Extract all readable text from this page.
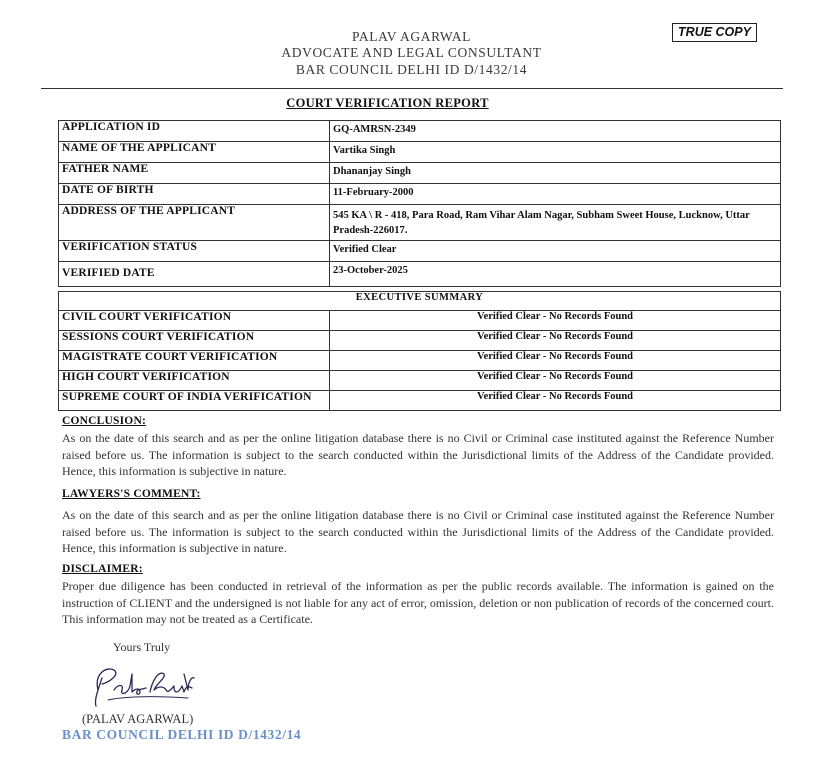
PALAV AGARWAL
ADVOCATE AND LEGAL CONSULTANT
BAR COUNCIL DELHI ID D/1432/14
TRUE COPY
COURT VERIFICATION REPORT
APPLICATION ID	GQ-AMRSN-2349
NAME OF THE APPLICANT	Vartika Singh
FATHER NAME	Dhananjay Singh
DATE OF BIRTH	11-February-2000
ADDRESS OF THE APPLICANT	545 KA \ R - 418, Para Road, Ram Vihar Alam Nagar, Subham Sweet House, Lucknow, Uttar Pradesh-226017.
VERIFICATION STATUS	Verified Clear
VERIFIED DATE	23-October-2025
EXECUTIVE SUMMARY	
CIVIL COURT VERIFICATION	Verified Clear - No Records Found
SESSIONS COURT VERIFICATION	Verified Clear - No Records Found
MAGISTRATE COURT VERIFICATION	Verified Clear - No Records Found
HIGH COURT VERIFICATION	Verified Clear - No Records Found
SUPREME COURT OF INDIA VERIFICATION	Verified Clear - No Records Found
CONCLUSION:
As on the date of this search and as per the online litigation database there is no Civil or Criminal case instituted against the Reference Number raised before us. The information is subject to the search conducted within the Jurisdictional limits of the Address of the Candidate provided. Hence, this information is subjective in nature.
LAWYERS'S COMMENT:
As on the date of this search and as per the online litigation database there is no Civil or Criminal case instituted against the Reference Number raised before us. The information is subject to the search conducted within the Jurisdictional limits of the Address of the Candidate provided. Hence, this information is subjective in nature.
DISCLAIMER:
Proper due diligence has been conducted in retrieval of the information as per the public records available. The information is gained on the instruction of CLIENT and the undersigned is not liable for any act of error, omission, deletion or non publication of records of the concerned court. This information may not be treated as a Certificate.
Yours Truly
(PALAV AGARWAL)
BAR COUNCIL DELHI ID D/1432/14
